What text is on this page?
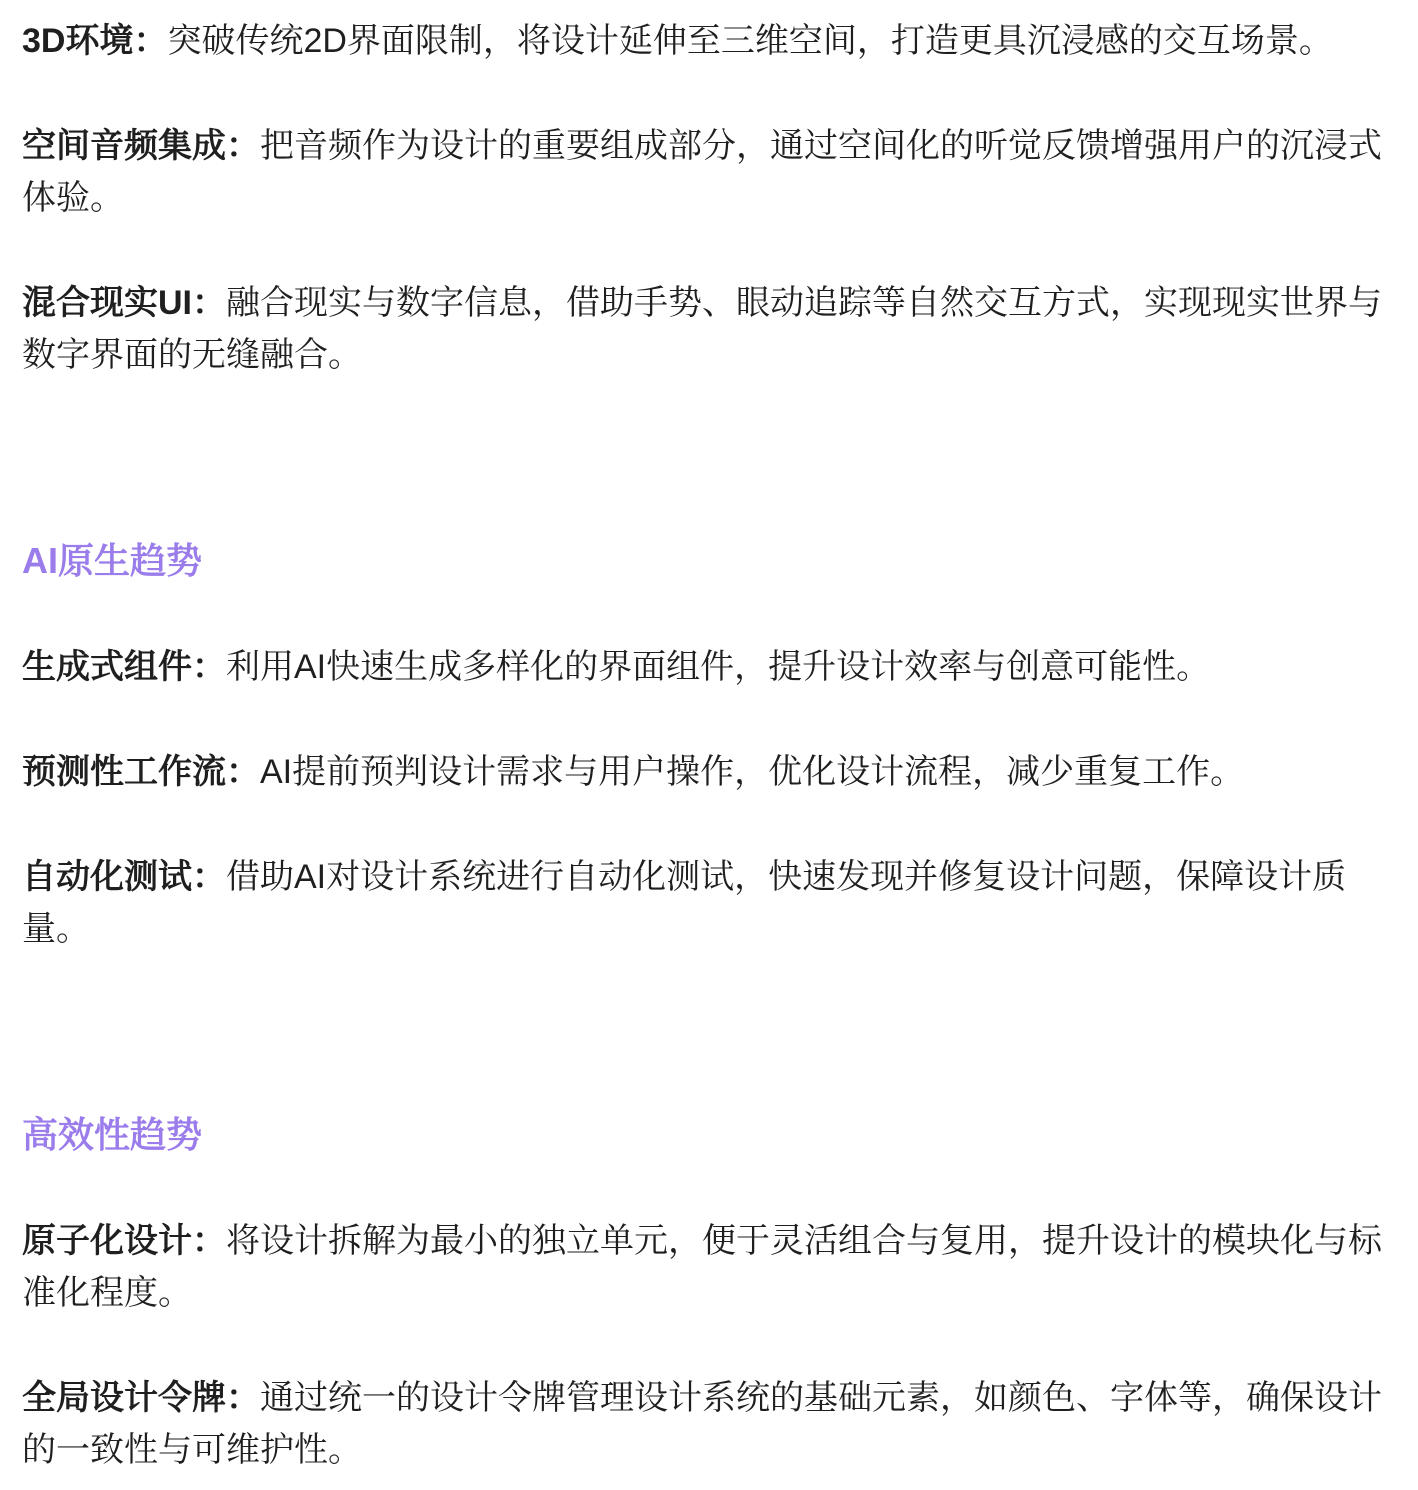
3D环境：突破传统2D界面限制，将设计延伸至三维空间，打造更具沉浸感的交互场景。

空间音频集成：把音频作为设计的重要组成部分，通过空间化的听觉反馈增强用户的沉浸式体验。

混合现实UI：融合现实与数字信息，借助手势、眼动追踪等自然交互方式，实现现实世界与数字界面的无缝融合。

AI原生趋势

生成式组件：利用AI快速生成多样化的界面组件，提升设计效率与创意可能性。

预测性工作流：AI提前预判设计需求与用户操作，优化设计流程，减少重复工作。

自动化测试：借助AI对设计系统进行自动化测试，快速发现并修复设计问题，保障设计质量。

高效性趋势

原子化设计：将设计拆解为最小的独立单元，便于灵活组合与复用，提升设计的模块化与标准化程度。

全局设计令牌：通过统一的设计令牌管理设计系统的基础元素，如颜色、字体等，确保设计的一致性与可维护性。
